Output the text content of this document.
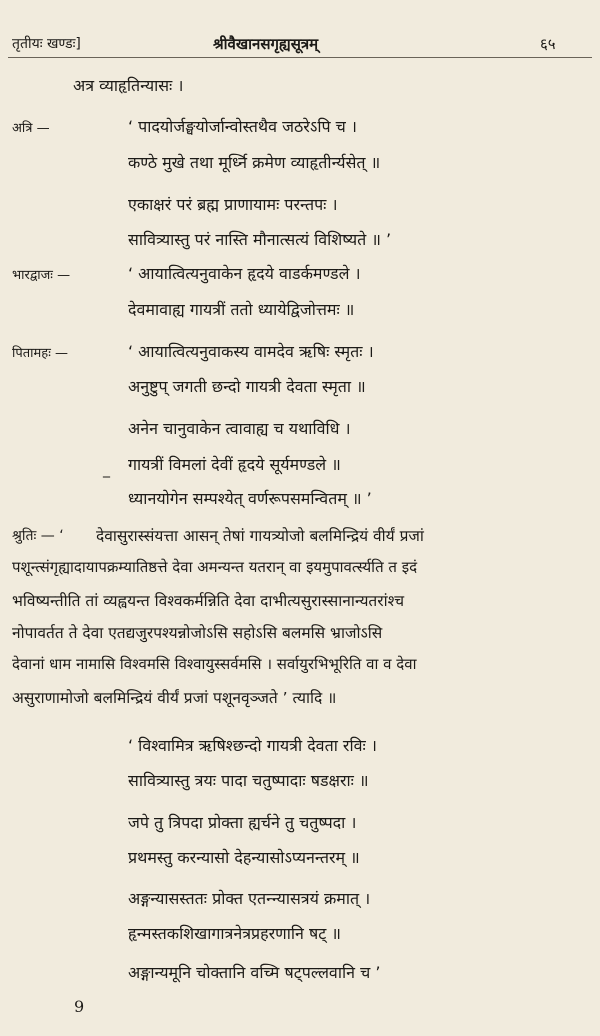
तृतीयः खण्डः]	श्रीवैखानसगृह्यसूत्रम्	६५
अत्र व्याहृतिन्यासः ।
अत्रि —	‘ पादयोर्जङ्घयोर्जान्वोस्तथैव जठरेऽपि च ।
कण्ठे मुखे तथा मूर्ध्नि क्रमेण व्याहृतीर्न्यसेत् ॥
एकाक्षरं परं ब्रह्म प्राणायामः परन्तपः ।
सावित्र्यास्तु परं नास्ति मौनात्सत्यं विशिष्यते ॥ ’
भारद्वाजः —	‘ आयात्वित्यनुवाकेन हृदये वाडर्कमण्डले ।
देवमावाह्य गायत्रीं ततो ध्यायेद्विजोत्तमः ॥
पितामहः —	‘ आयात्वित्यनुवाकस्य वामदेव ऋषिः स्मृतः ।
अनुष्टुप् जगती छन्दो गायत्री देवता स्मृता ॥
अनेन चानुवाकेन त्वावाह्य च यथाविधि ।
गायत्रीं विमलां देवीं हृदये सूर्यमण्डले ॥
_
ध्यानयोगेन सम्पश्येत् वर्णरूपसमन्वितम् ॥ ’
श्रुतिः — ‘ देवासुरास्संयत्ता आसन् तेषां गायत्र्योजो बलमिन्द्रियं वीर्यं प्रजां
पशून्त्संगृह्यादायापक्रम्यातिष्ठत्ते देवा अमन्यन्त यतरान् वा इयमुपावर्त्स्यति त इदं
भविष्यन्तीति तां व्यह्वयन्त विश्वकर्मन्निति देवा दाभीत्यसुरास्सानान्यतरांश्च
नोपावर्तत ते देवा एतद्यजुरपश्यन्नोजोऽसि सहोऽसि बलमसि भ्राजोऽसि
देवानां धाम नामासि विश्वमसि विश्वायुस्सर्वमसि । सर्वायुरभिभूरिति वा व देवा
असुराणामोजो बलमिन्द्रियं वीर्यं प्रजां पशूनवृञ्जते ’ त्यादि ॥
‘ विश्वामित्र ऋषिश्छन्दो गायत्री देवता रविः ।
सावित्र्यास्तु त्रयः पादा चतुष्पादाः षडक्षराः ॥
जपे तु त्रिपदा प्रोक्ता ह्यर्चने तु चतुष्पदा ।
प्रथमस्तु करन्यासो देहन्यासोऽप्यनन्तरम् ॥
अङ्गन्यासस्ततः प्रोक्त एतन्न्यासत्रयं क्रमात् ।
हृन्मस्तकशिखागात्रनेत्रप्रहरणानि षट् ॥
अङ्गान्यमूनि चोक्तानि वच्मि षट्पल्लवानि च ’
9
